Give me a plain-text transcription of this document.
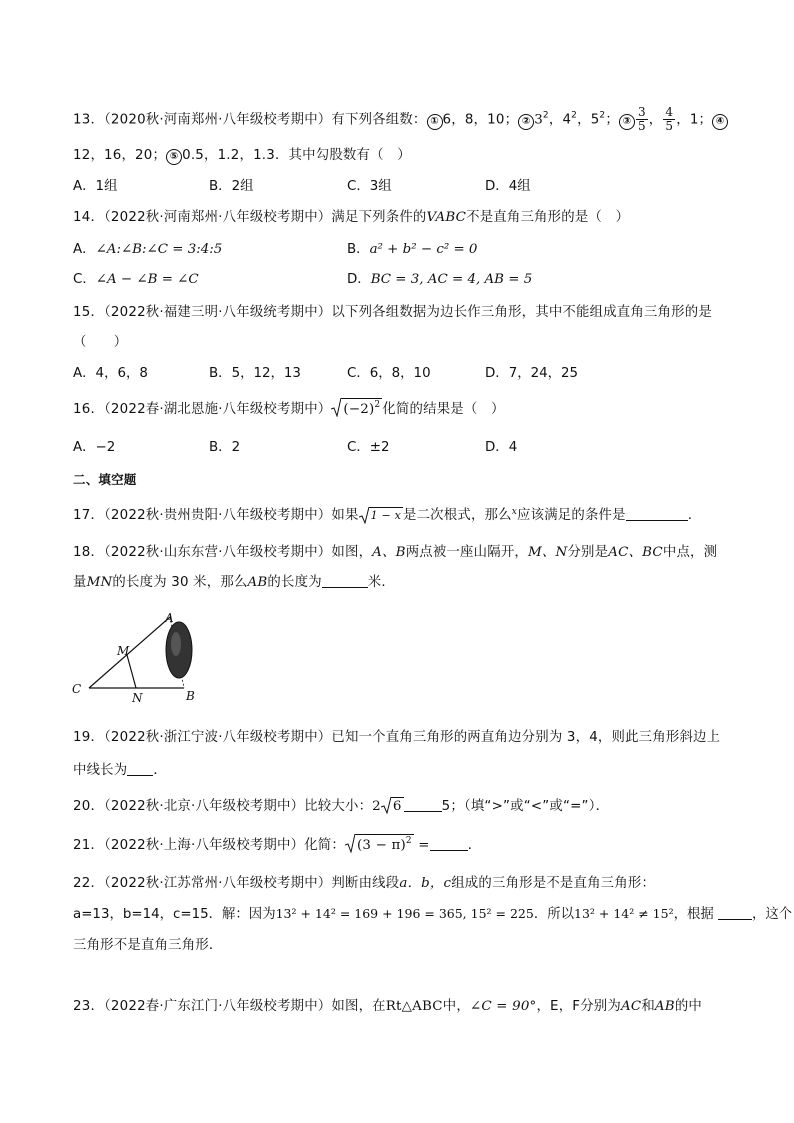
13．（2020秋·河南郑州·八年级校考期中）有下列各组数： ① 6，8，10； ② $3^2$，$4^2$，$5^2$； ③ $\frac{3}{5}$ ， $\frac{4}{5}$ ，1； ④
12，16，20； ⑤ 0.5，1.2，1.3．其中勾股数有（　）
A．1组	B．2组	C．3组	D．4组
14．（2022秋·河南郑州·八年级校考期中）满足下列条件的VABC不是直角三角形的是（　）
A．∠A:∠B:∠C = 3:4:5	B．a² + b² − c² = 0
C．∠A − ∠B = ∠C	D．BC = 3, AC = 4, AB = 5
15．（2022秋·福建三明·八年级统考期中）以下列各组数据为边长作三角形，其中不能组成直角三角形的是
（　　）
A．4，6，8	B．5，12，13	C．6，8，10	D．7，24，25
16．（2022春·湖北恩施·八年级校考期中） $(-2)^2$ 化简的结果是（　）
A．−2	B．2	C．±2	D．4
二、填空题
17．（2022秋·贵州贵阳·八年级校考期中）如果 1 − x 是二次根式，那么$^x$应该满足的条件是	.
18．（2022秋·山东东营·八年级校考期中）如图，A、B两点被一座山隔开，M、N分别是AC、BC中点，测
量MN的长度为 30 米，那么AB的长度为	米．
A
M
C
N	B
19．（2022秋·浙江宁波·八年级校考期中）已知一个直角三角形的两直角边分别为 3，4，则此三角形斜边上
中线长为 ．
20．（2022秋·北京·八年级校考期中）比较大小：2 6	5；（填“>”或“<”或“=”）．
21．（2022秋·上海·八年级校考期中）化简： $(3 - \pi)^2$ =	．
22．（2022秋·江苏常州·八年级校考期中）判断由线段a．b，c组成的三角形是不是直角三角形：
a=13，b=14，c=15．解：因为13² + 14² = 169 + 196 = 365, 15² = 225．所以13² + 14² ≠ 15²，根据	，这个
三角形不是直角三角形．
23．（2022春·广东江门·八年级校考期中）如图，在Rt△ABC中，∠C = 90°，E，F分别为AC和AB的中
